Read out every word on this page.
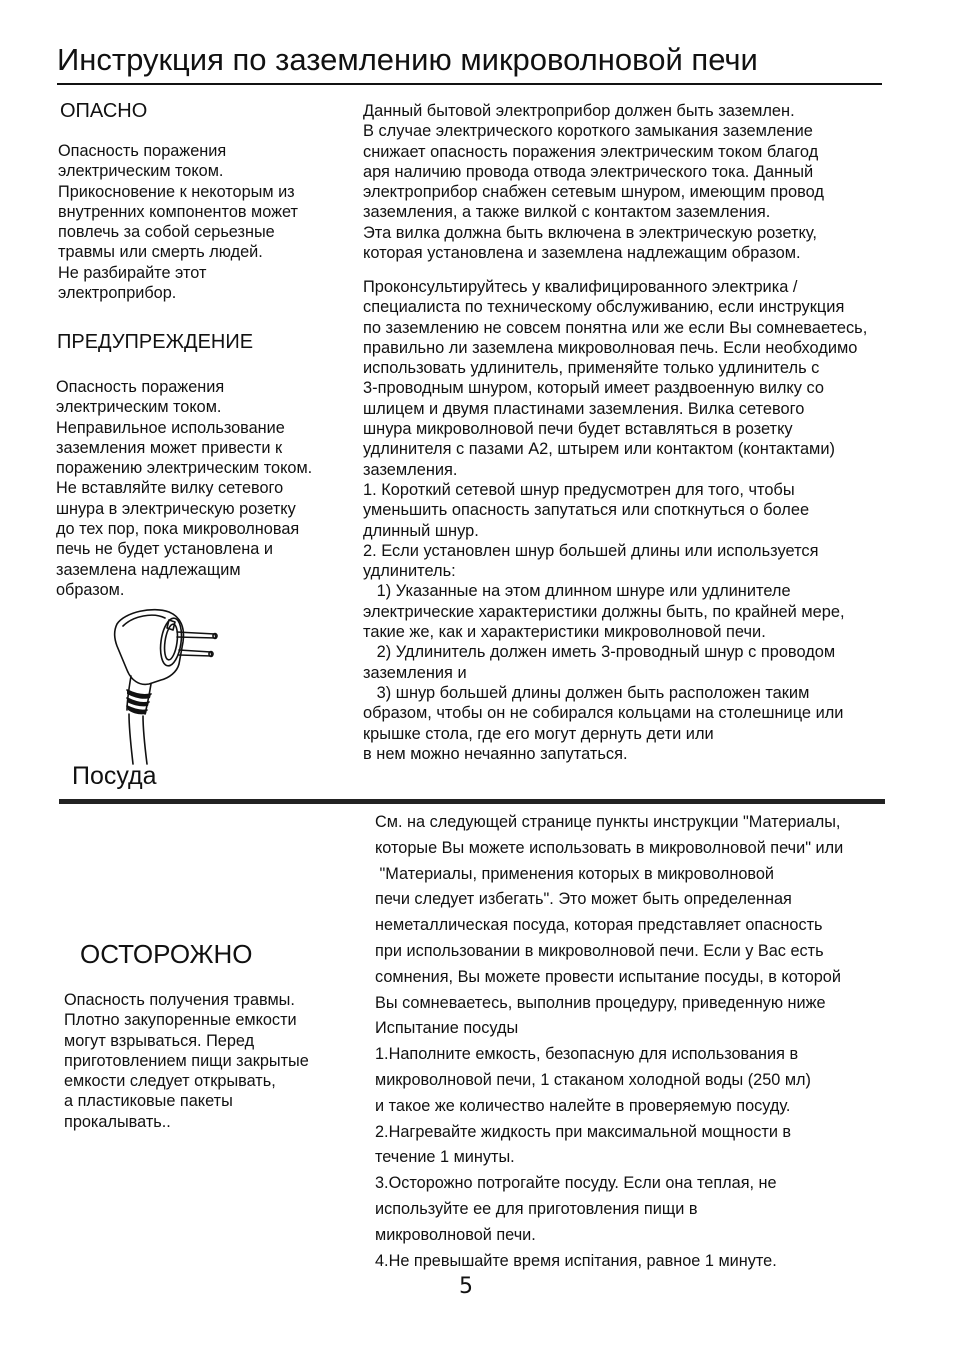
Инструкция по заземлению микроволновой печи
ОПАСНО

Опасность поражения

электрическим током.

Прикосновение к некоторым из

внутренних компонентов может

повлечь за собой серьезные

травмы или смерть людей.

Не разбирайте этот

электроприбор.

ПРЕДУПРЕЖДЕНИЕ

Опасность поражения

электрическим током.

Неправильное использование

заземления может привести к

поражению электрическим током.

Не вставляйте вилку сетевого

шнура в электрическую розетку

до тех пор, пока микроволновая

печь не будет установлена и

заземлена надлежащим

образом.

Данный бытовой электроприбор должен быть заземлен.

В случае электрического короткого замыкания заземление

снижает опасность поражения электрическим током благод

аря наличию провода отвода электрического тока. Данный

электроприбор снабжен сетевым шнуром, имеющим провод

заземления, а также вилкой с контактом заземления.

Эта вилка должна быть включена в электрическую розетку,

которая установлена и заземлена надлежащим образом.

Проконсультируйтесь у квалифицированного электрика /

специалиста по техническому обслуживанию, если инструкция

по заземлению не совсем понятна или же если Вы сомневаетесь,

правильно ли заземлена микроволновая печь. Если необходимо

использовать удлинитель, применяйте только удлинитель с

3-проводным шнуром, который имеет раздвоенную вилку со

шлицем и двумя пластинами заземления. Вилка сетевого

шнура микроволновой печи будет вставляться в розетку

удлинителя с пазами А2, штырем или контактом (контактами)

заземления.

1. Короткий сетевой шнур предусмотрен для того, чтобы

уменьшить опасность запутаться или споткнуться о более

длинный шнур.

2. Если установлен шнур большей длины или используется

удлинитель:

1) Указанные на этом длинном шнуре или удлинителе

электрические характеристики должны быть, по крайней мере,

такие же, как и характеристики микроволновой печи.

2) Удлинитель должен иметь 3-проводный шнур с проводом

заземления и

3) шнур большей длины должен быть расположен таким

образом, чтобы он не собирался кольцами на столешнице или

крышке стола, где его могут дернуть дети или

в нем можно нечаянно запутаться.

Посуда
ОСТОРОЖНО

Опасность получения травмы.

Плотно закупоренные емкости

могут взрываться. Перед

приготовлением пищи закрытые

емкости следует открывать,

а пластиковые пакеты

прокалывать..

См. на следующей странице пункты инструкции "Материалы,

которые Вы можете использовать в микроволновой печи" или

"Материалы, применения которых в микроволновой

печи следует избегать". Это может быть определенная

неметаллическая посуда, которая представляет опасность

при использовании в микроволновой печи. Если у Вас есть

сомнения, Вы можете провести испытание посуды, в которой

Вы сомневаетесь, выполнив процедуру, приведенную ниже

Испытание посуды

1.Наполните емкость, безопасную для использования в

микроволновой печи, 1 стаканом холодной воды (250 мл)

и такое же количество налейте в проверяемую посуду.

2.Нагревайте жидкость при максимальной мощности в

течение 1 минуты.

3.Осторожно потрогайте посуду. Если она теплая, не

используйте ее для приготовления пищи в

микроволновой печи.

4.Не превышайте время испiтания, равное 1 минуте.

5
